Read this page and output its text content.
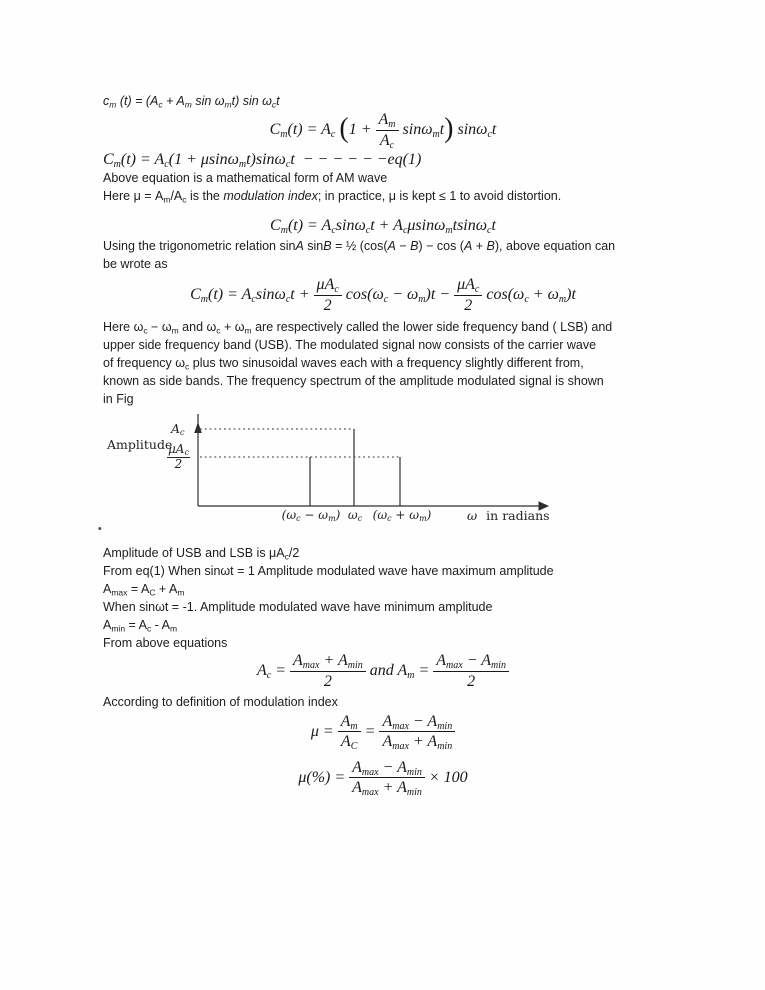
$c_m$ $(t) = (A_c + A_m$ $\sin \omega_mt$) $\sin \omega_ct$
$C_m(t) = A_c$ $(1 + \frac{A_m}{A_c} \sin\omega_mt)$ sinω$_c$t
$C_m(t) = A_c(1 + \mu\sin\omega_mt)\sin\omega_ct$  − − − − − −eq(1)
Above equation is a mathematical form of AM wave
Here $\mu = A_m/A_c$ is the modulation index; in practice, μ is kept ≤ 1 to avoid distortion.
$C_m(t) = A_c\sin\omega_ct + A_c\mu\sin\omega_mtsin\omega_ct$
Using the trigonometric relation sinA sinB = ½ (cos(A − B) − cos (A + B), above equation can
be wrote as
$C_m(t) = A_c\sin\omega_ct + \frac{\mu A_c}{2} \cos(\omega_c - \omega_m)t - \frac{\mu A_c}{2} \cos(\omega_c + \omega_m)t$
Here $\omega_c - \omega_m$ and $\omega_c + \omega_m$ are respectively called the lower side frequency band ( LSB) and
upper side frequency band (USB). The modulated signal now consists of the carrier wave
of frequency $\omega_c$ plus two sinusoidal waves each with a frequency slightly different from,
known as side bands. The frequency spectrum of the amplitude modulated signal is shown
in Fig
Amplitude
$A_c$
$\frac{\mu A_c}{2}$
$(\omega_c - \omega_m)$ $\omega_c$ $(\omega_c + \omega_m)$	ω in radians
.
Amplitude of USB and LSB is $\mu A_c/2$
From eq(1) When sinωt = 1 Amplitude modulated wave have maximum amplitude
$A_{max} = A_C + A_m$
When sinωt = -1. Amplitude modulated wave have minimum amplitude
$A_{min} = A_c - A_m$
From above equations
$A_c = \frac{A_{max} + A_{min}}{2}$ and $A_m = \frac{A_{max} - A_{min}}{2}$
According to definition of modulation index
$\mu = \frac{A_m}{A_C} = \frac{A_{max} - A_{min}}{A_{max} + A_{min}}$
$\mu(\%) = \frac{A_{max} - A_{min}}{A_{max} + A_{min}} \times 100$
